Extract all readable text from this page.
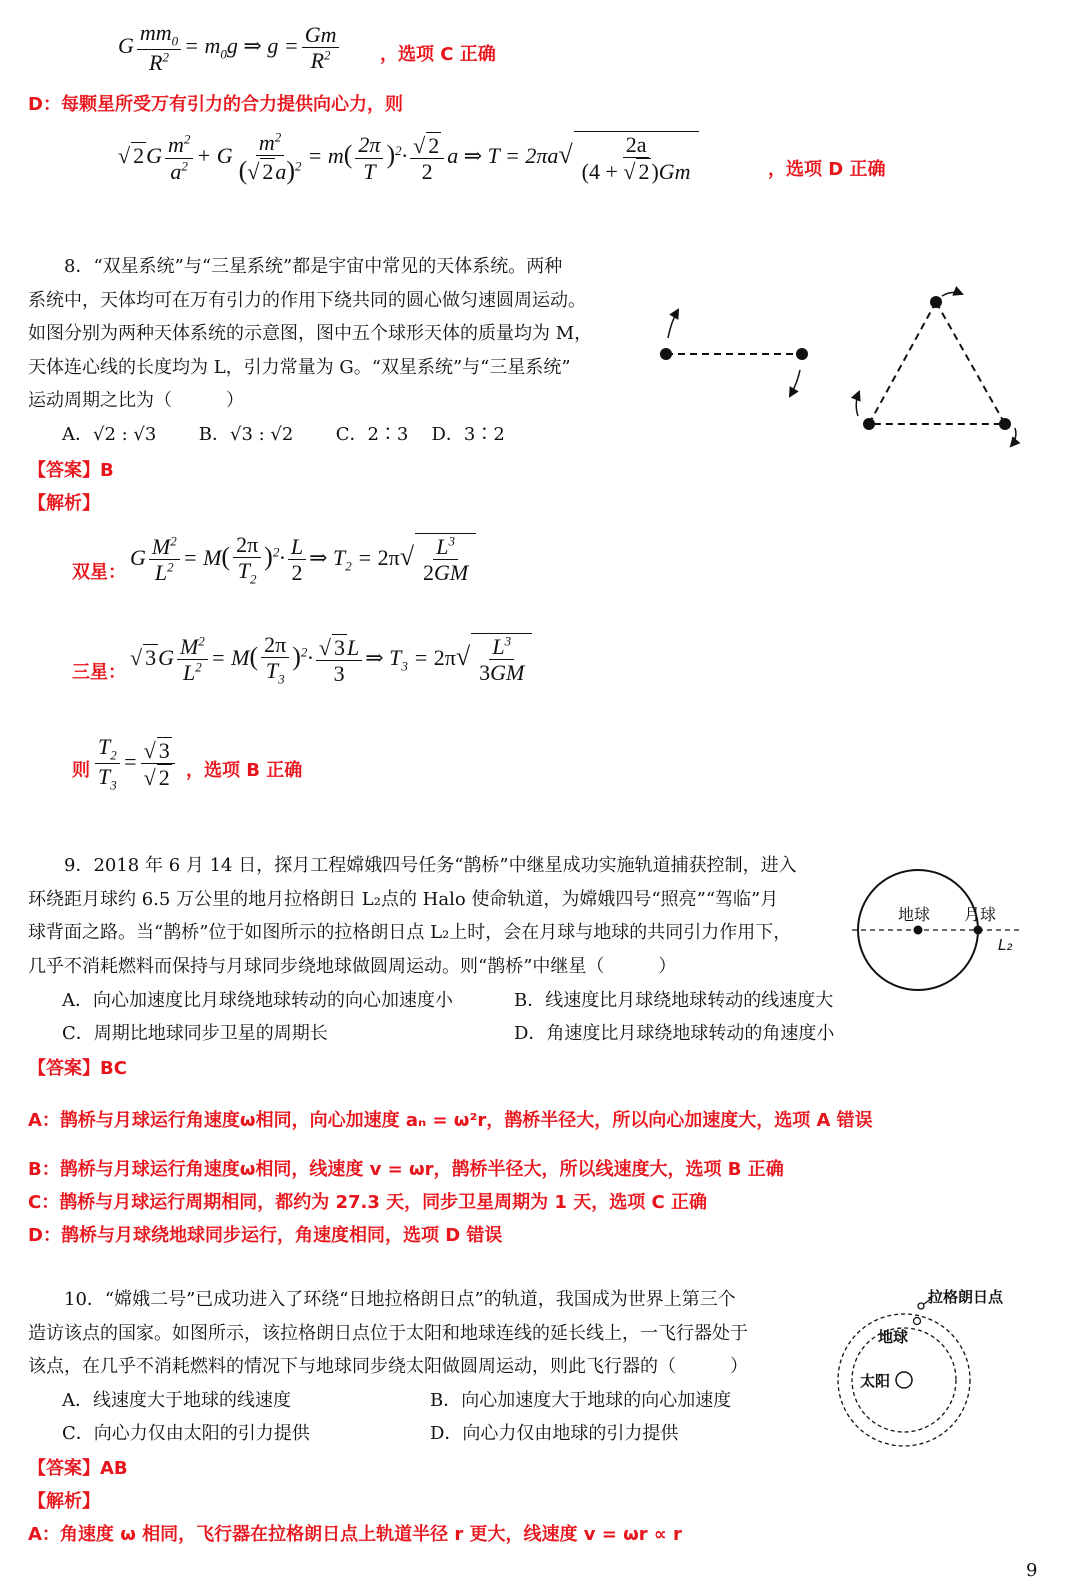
G $\frac{mm_0}{R^2} = m_0g$ ⇒ $g = \frac{Gm}{R^2}$ ，选项 C 正确
D：每颗星所受万有引力的合力提供向心力，则
√ $2G \frac{m^2}{a^2} + G \frac{m^2}{(√ 2a)^2} = m( \frac{2\pi}{T} )^2\cdot \frac{√ 2}{2}$ a ⇒ $T = 2\pi a√ \frac{2a}{(4 + √ 2)Gm}$	，选项 D 正确

8．“双星系统”与“三星系统”都是宇宙中常见的天体系统。两种

系统中，天体均可在万有引力的作用下绕共同的圆心做匀速圆周运动。

如图分别为两种天体系统的示意图，图中五个球形天体的质量均为 M，

天体连心线的长度均为 L，引力常量为 G。“双星系统”与“三星系统”

运动周期之比为（　　　）

A．√2 : √3 B．√3 : √2 C．2∶3 D．3∶2
【答案】B
【解析】
双星：
G $\frac{M^2}{L^2} = M( \frac{2\pi}{T_2} )^2\cdot \frac{L}{2}$ ⇒ $T_2 = 2\pi√ \frac{L^3}{2GM}$
三星：
√ $3G \frac{M^2}{L^2} = M( \frac{2\pi}{T_3} )^2\cdot \frac{√ 3L}{3}$ ⇒ $T_3 = 2\pi√ \frac{L^3}{3GM}$
则 $\frac{T_2}{T_3} = \frac{√ 3}{√ 2}$ ，选项 B 正确

9．2018 年 6 月 14 日，探月工程嫦娥四号任务“鹊桥”中继星成功实施轨道捕获控制，进入

环绕距月球约 6.5 万公里的地月拉格朗日 L₂点的 Halo 使命轨道，为嫦娥四号“照亮”“驾临”月

球背面之路。当“鹊桥”位于如图所示的拉格朗日点 L₂上时，会在月球与地球的共同引力作用下，

几乎不消耗燃料而保持与月球同步绕地球做圆周运动。则“鹊桥”中继星（　　　）

A．向心加速度比月球绕地球转动的向心加速度小	B．线速度比月球绕地球转动的线速度大
C．周期比地球同步卫星的周期长	D．角速度比月球绕地球转动的角速度小
【答案】BC
地球 月球
L₂
A：鹊桥与月球运行角速度ω相同，向心加速度 aₙ = ω²r，鹊桥半径大，所以向心加速度大，选项 A 错误
B：鹊桥与月球运行角速度ω相同，线速度 v = ωr，鹊桥半径大，所以线速度大，选项 B 正确
C：鹊桥与月球运行周期相同，都约为 27.3 天，同步卫星周期为 1 天，选项 C 正确
D：鹊桥与月球绕地球同步运行，角速度相同，选项 D 错误

10．“嫦娥二号”已成功进入了环绕“日地拉格朗日点”的轨道，我国成为世界上第三个

造访该点的国家。如图所示，该拉格朗日点位于太阳和地球连线的延长线上，一飞行器处于

该点，在几乎不消耗燃料的情况下与地球同步绕太阳做圆周运动，则此飞行器的（　　　）

A．线速度大于地球的线速度	B．向心加速度大于地球的向心加速度
C．向心力仅由太阳的引力提供	D．向心力仅由地球的引力提供
【答案】AB
【解析】
A：角速度 ω 相同，飞行器在拉格朗日点上轨道半径 r 更大，线速度 v = ωr ∝ r
拉格朗日点
地球
太阳
9
